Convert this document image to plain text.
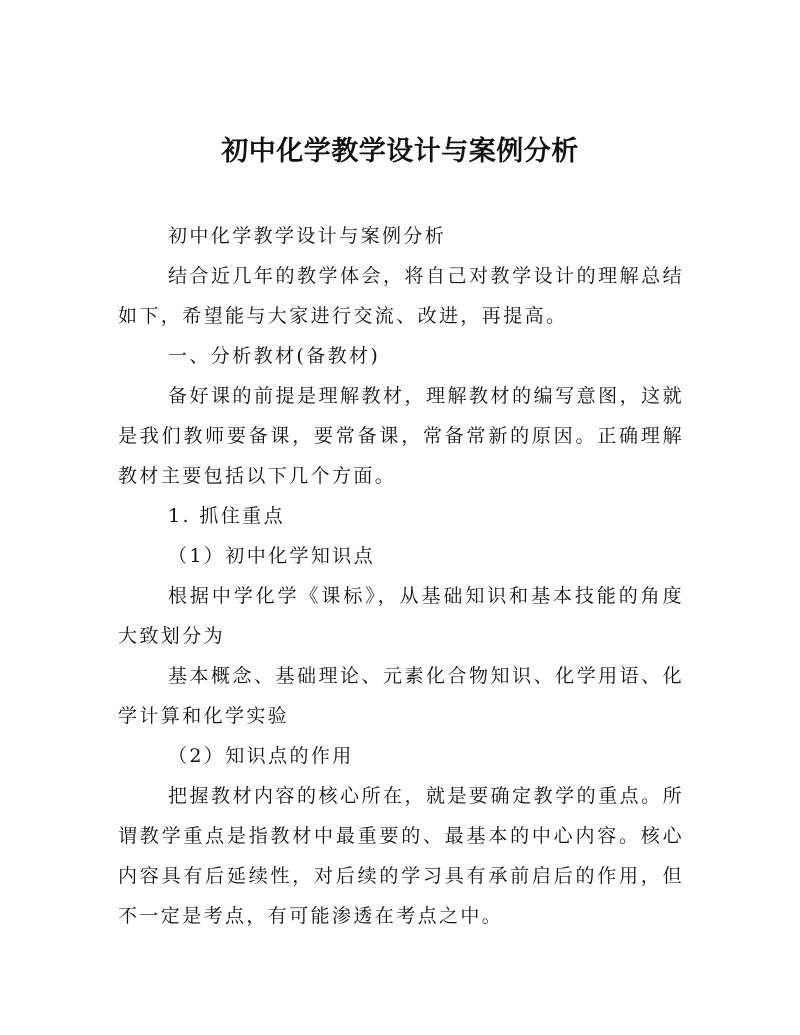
初中化学教学设计与案例分析

初中化学教学设计与案例分析

结合近几年的教学体会，将自己对教学设计的理解总结如下，希望能与大家进行交流、改进，再提高。

一、分析教材(备教材)

备好课的前提是理解教材，理解教材的编写意图，这就是我们教师要备课，要常备课，常备常新的原因。正确理解教材主要包括以下几个方面。

1. 抓住重点

（1）初中化学知识点

根据中学化学《课标》，从基础知识和基本技能的角度大致划分为

基本概念、基础理论、元素化合物知识、化学用语、化学计算和化学实验

（2）知识点的作用

把握教材内容的核心所在，就是要确定教学的重点。所谓教学重点是指教材中最重要的、最基本的中心内容。核心内容具有后延续性，对后续的学习具有承前启后的作用，但不一定是考点，有可能渗透在考点之中。
